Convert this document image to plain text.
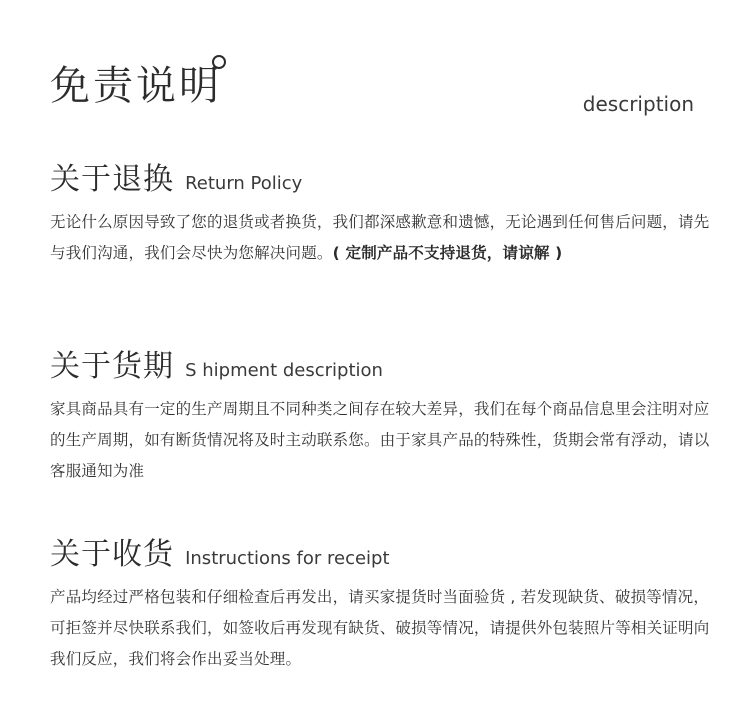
免责说明	description
关于退换 Return Policy
无论什么原因导致了您的退货或者换货，我们都深感歉意和遗憾，无论遇到任何售后问题，请先与我们沟通，我们会尽快为您解决问题。( 定制产品不支持退货，请谅解 )
关于货期 S hipment description
家具商品具有一定的生产周期且不同种类之间存在较大差异，我们在每个商品信息里会注明对应的生产周期，如有断货情况将及时主动联系您。由于家具产品的特殊性，货期会常有浮动，请以客服通知为准
关于收货 Instructions for receipt
产品均经过严格包装和仔细检查后再发出，请买家提货时当面验货 , 若发现缺货、破损等情况，可拒签并尽快联系我们，如签收后再发现有缺货、破损等情况，请提供外包装照片等相关证明向我们反应，我们将会作出妥当处理。
